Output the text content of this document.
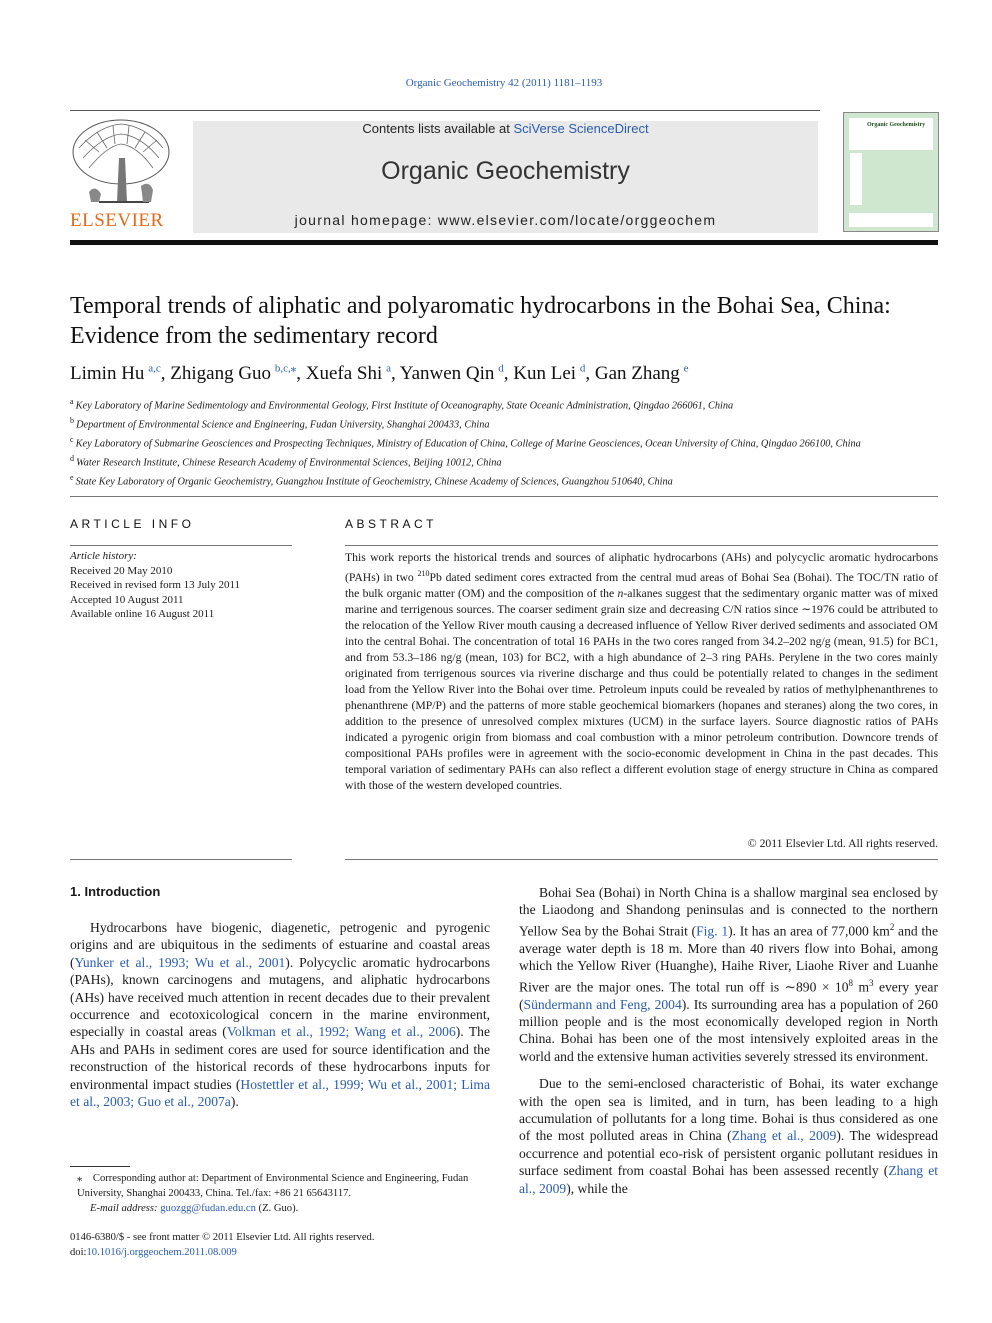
Organic Geochemistry 42 (2011) 1181–1193
ELSEVIER
Contents lists available at SciVerse ScienceDirect
Organic Geochemistry
journal homepage: www.elsevier.com/locate/orggeochem
Organic Geochemistry
Temporal trends of aliphatic and polyaromatic hydrocarbons in the Bohai Sea, China: Evidence from the sedimentary record
Limin Hu  $^{a,c}$, Zhigang Guo  $^{b,c,⁎}$, Xuefa Shi  $^a$, Yanwen Qin  $^d$, Kun Lei  $^d$, Gan Zhang  $^e$
$^a$  Key Laboratory of Marine Sedimentology and Environmental Geology, First Institute of Oceanography, State Oceanic Administration, Qingdao 266061, China
$^b$  Department of Environmental Science and Engineering, Fudan University, Shanghai 200433, China
$^c$  Key Laboratory of Submarine Geosciences and Prospecting Techniques, Ministry of Education of China, College of Marine Geosciences, Ocean University of China, Qingdao 266100, China
$^d$  Water Research Institute, Chinese Research Academy of Environmental Sciences, Beijing 10012, China
$^e$  State Key Laboratory of Organic Geochemistry, Guangzhou Institute of Geochemistry, Chinese Academy of Sciences, Guangzhou 510640, China
ARTICLE INFO
Article history:
Received 20 May 2010
Received in revised form 13 July 2011
Accepted 10 August 2011
Available online 16 August 2011
ABSTRACT
This work reports the historical trends and sources of aliphatic hydrocarbons (AHs) and polycyclic aromatic hydrocarbons (PAHs) in two $^{210}$Pb dated sediment cores extracted from the central mud areas of Bohai Sea (Bohai). The TOC/TN ratio of the bulk organic matter (OM) and the composition of the n-alkanes suggest that the sedimentary organic matter was of mixed marine and terrigenous sources. The coarser sediment grain size and decreasing C/N ratios since ∼1976 could be attributed to the relocation of the Yellow River mouth causing a decreased influence of Yellow River derived sediments and associated OM into the central Bohai. The concentration of total 16 PAHs in the two cores ranged from 34.2–202 ng/g (mean, 91.5) for BC1, and from 53.3–186 ng/g (mean, 103) for BC2, with a high abundance of 2–3 ring PAHs. Perylene in the two cores mainly originated from terrigenous sources via riverine discharge and thus could be potentially related to changes in the sediment load from the Yellow River into the Bohai over time. Petroleum inputs could be revealed by ratios of methylphenanthrenes to phenanthrene (MP/P) and the patterns of more stable geochemical biomarkers (hopanes and steranes) along the two cores, in addition to the presence of unresolved complex mixtures (UCM) in the surface layers. Source diagnostic ratios of PAHs indicated a pyrogenic origin from biomass and coal combustion with a minor petroleum contribution. Downcore trends of compositional PAHs profiles were in agreement with the socio-economic development in China in the past decades. This temporal variation of sedimentary PAHs can also reflect a different evolution stage of energy structure in China as compared with those of the western developed countries.
© 2011 Elsevier Ltd. All rights reserved.
1. Introduction

Hydrocarbons have biogenic, diagenetic, petrogenic and pyrogenic origins and are ubiquitous in the sediments of estuarine and coastal areas (Yunker et al., 1993; Wu et al., 2001). Polycyclic aromatic hydrocarbons (PAHs), known carcinogens and mutagens, and aliphatic hydrocarbons (AHs) have received much attention in recent decades due to their prevalent occurrence and ecotoxicological concern in the marine environment, especially in coastal areas (Volkman et al., 1992; Wang et al., 2006). The AHs and PAHs in sediment cores are used for source identification and the reconstruction of the historical records of these hydrocarbons inputs for environmental impact studies (Hostettler et al., 1999; Wu et al., 2001; Lima et al., 2003; Guo et al., 2007a).

Bohai Sea (Bohai) in North China is a shallow marginal sea enclosed by the Liaodong and Shandong peninsulas and is connected to the northern Yellow Sea by the Bohai Strait (Fig. 1). It has an area of 77,000 $km^2$ and the average water depth is 18 m. More than 40 rivers flow into Bohai, among which the Yellow River (Huanghe), Haihe River, Liaohe River and Luanhe River are the major ones. The total run off is ∼890 × $10^8$ $m^3$ every year (Sündermann and Feng, 2004). Its surrounding area has a population of 260 million people and is the most economically developed region in North China. Bohai has been one of the most intensively exploited areas in the world and the extensive human activities severely stressed its environment.

Due to the semi-enclosed characteristic of Bohai, its water exchange with the open sea is limited, and in turn, has been leading to a high accumulation of pollutants for a long time. Bohai is thus considered as one of the most polluted areas in China (Zhang et al., 2009). The widespread occurrence and potential eco-risk of persistent organic pollutant residues in surface sediment from coastal Bohai has been assessed recently (Zhang et al., 2009), while the

⁎  Corresponding author at: Department of Environmental Science and Engineering, Fudan University, Shanghai 200433, China. Tel./fax: +86 21 65643117.
E-mail address: guozgg@fudan.edu.cn (Z. Guo).
0146-6380/$ - see front matter © 2011 Elsevier Ltd. All rights reserved.
doi:10.1016/j.orggeochem.2011.08.009
